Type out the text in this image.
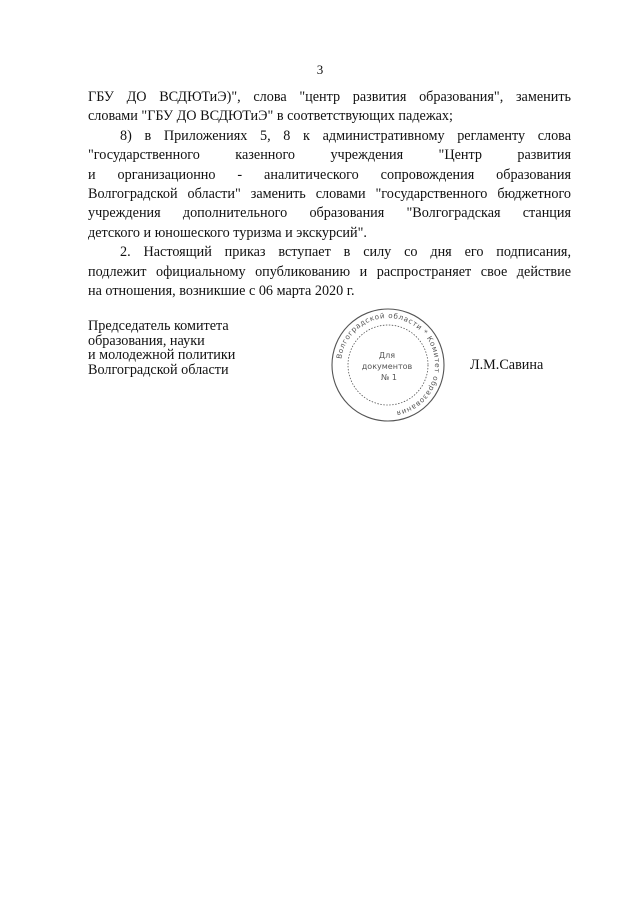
3

ГБУ ДО ВСДЮТиЭ)", слова "центр развития образования", заменить
словами "ГБУ ДО ВСДЮТиЭ" в соответствующих падежах;

8) в Приложениях 5, 8 к административному регламенту слова
"государственного казенного учреждения "Центр развития
и организационно - аналитического сопровождения образования
Волгоградской области" заменить словами "государственного бюджетного
учреждения дополнительного образования "Волгоградская станция
детского и юношеского туризма и экскурсий".

2. Настоящий приказ вступает в силу со дня его подписания,
подлежит официальному опубликованию и распространяет свое действие
на отношения, возникшие с 06 марта 2020 г.

Председатель комитета
образования, науки
и молодежной политики
Волгоградской области
Волгоградской области * Комитет образования
Для
документов
№ 1
Л.М.Савина
